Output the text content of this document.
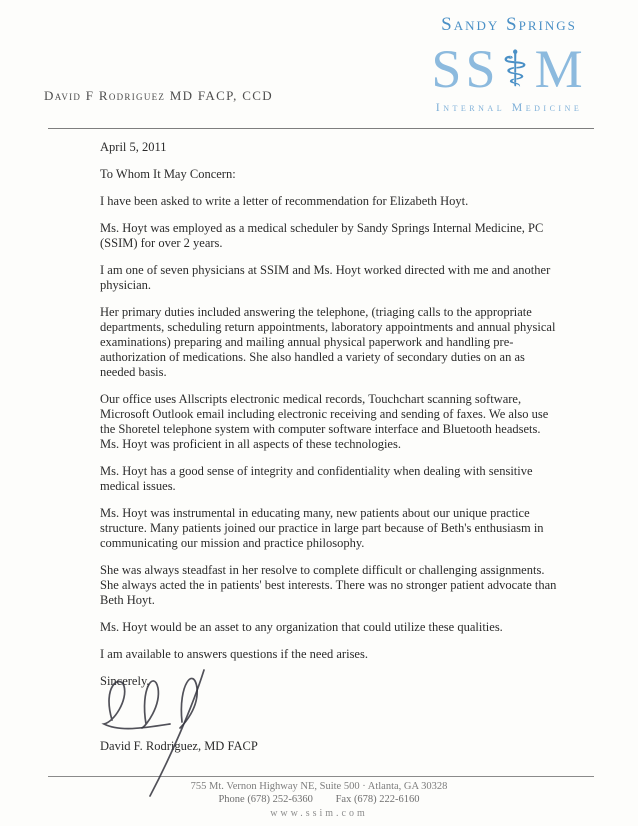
David F Rodriguez MD FACP, CCD
Sandy Springs
SS ⚕ M
Internal Medicine

April 5, 2011

To Whom It May Concern:

I have been asked to write a letter of recommendation for Elizabeth Hoyt.

Ms. Hoyt was employed as a medical scheduler by Sandy Springs Internal Medicine, PC (SSIM) for over 2 years.

I am one of seven physicians at SSIM and Ms. Hoyt worked directed with me and another physician.

Her primary duties included answering the telephone, (triaging calls to the appropriate departments, scheduling return appointments, laboratory appointments and annual physical examinations) preparing and mailing annual physical paperwork and handling pre-authorization of medications. She also handled a variety of secondary duties on an as needed basis.

Our office uses Allscripts electronic medical records, Touchchart scanning software, Microsoft Outlook email including electronic receiving and sending of faxes. We also use the Shoretel telephone system with computer software interface and Bluetooth headsets. Ms. Hoyt was proficient in all aspects of these technologies.

Ms. Hoyt has a good sense of integrity and confidentiality when dealing with sensitive medical issues.

Ms. Hoyt was instrumental in educating many, new patients about our unique practice structure. Many patients joined our practice in large part because of Beth's enthusiasm in communicating our mission and practice philosophy.

She was always steadfast in her resolve to complete difficult or challenging assignments. She always acted the in patients' best interests. There was no stronger patient advocate than Beth Hoyt.

Ms. Hoyt would be an asset to any organization that could utilize these qualities.

I am available to answers questions if the need arises.

Sincerely,

David F. Rodriguez, MD FACP

755 Mt. Vernon Highway NE, Suite 500 · Atlanta, GA 30328
Phone (678) 252-6360 Fax (678) 222-6160
www.ssim.com
